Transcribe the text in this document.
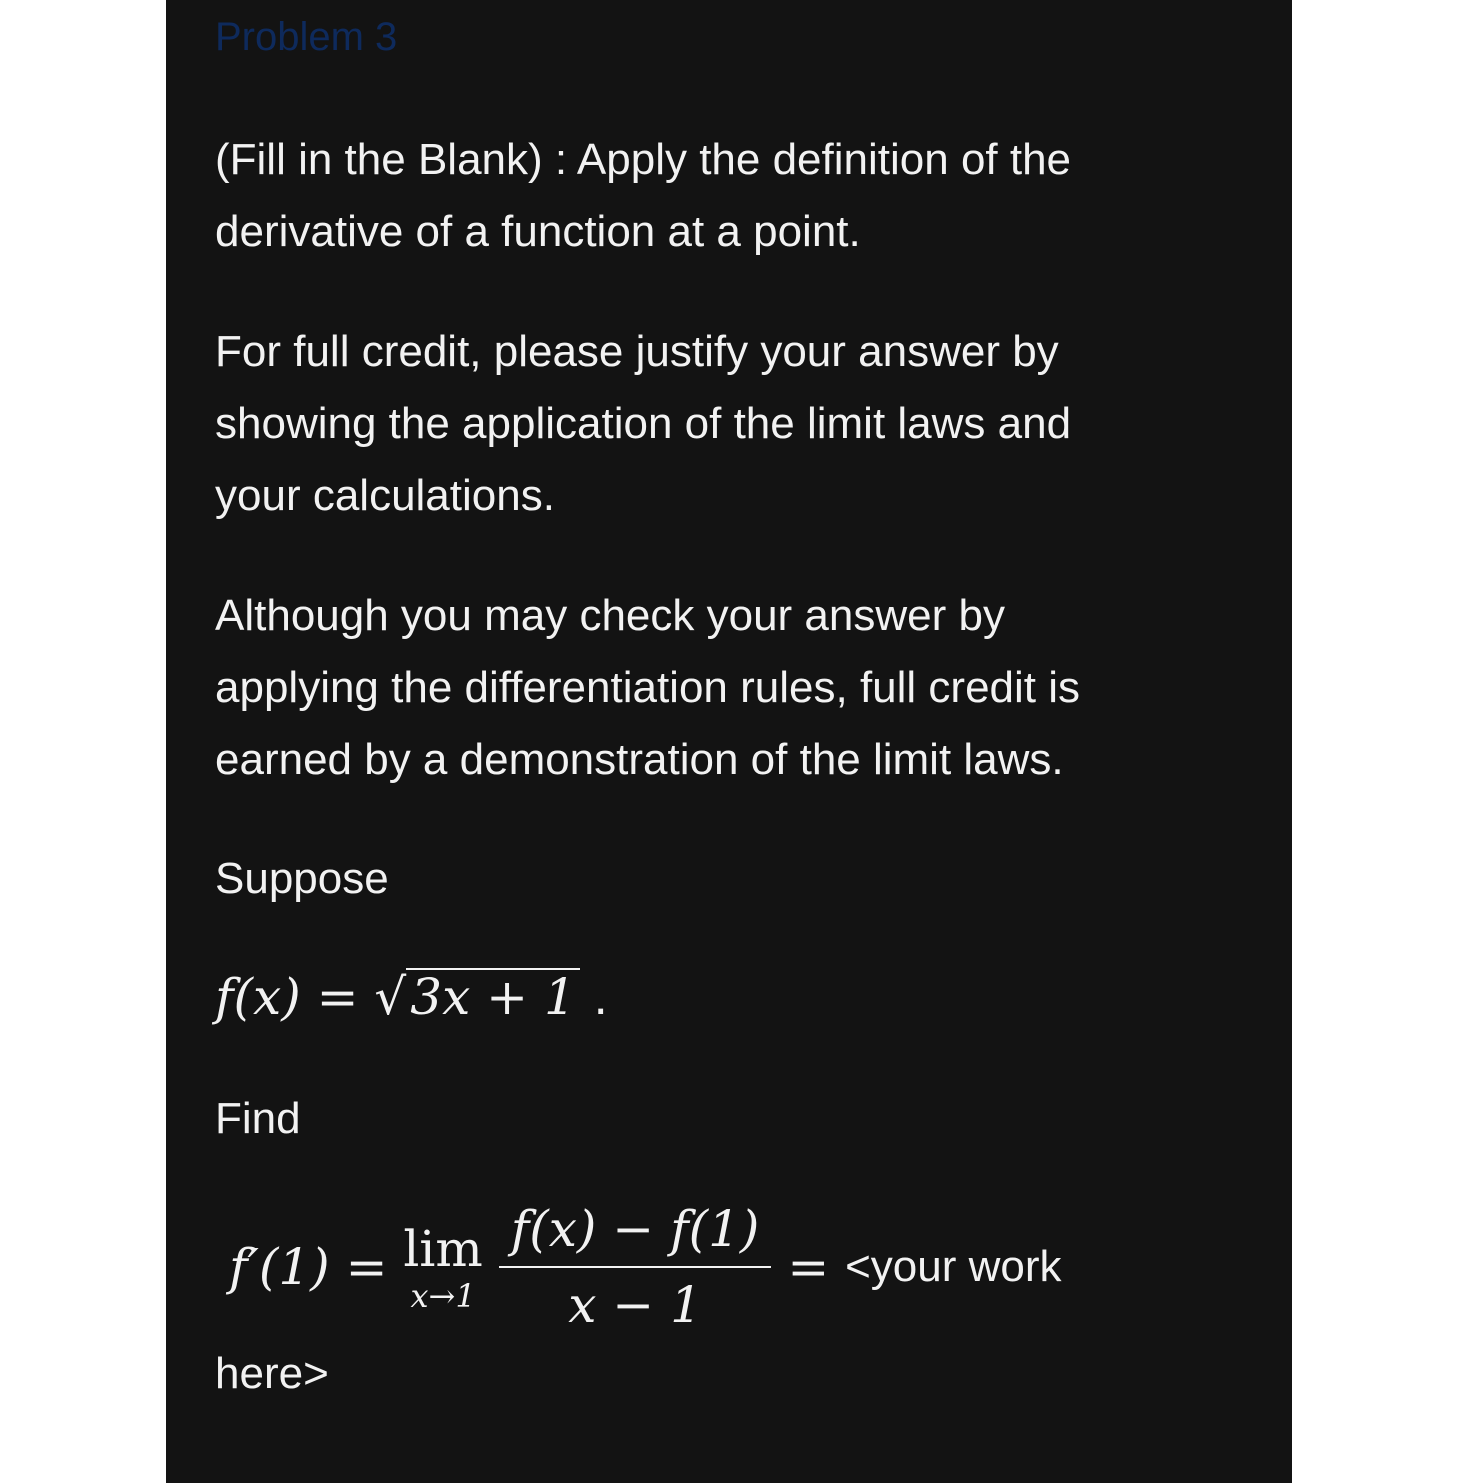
Problem 3
(Fill in the Blank) : Apply the definition of the
derivative of a function at a point.
For full credit, please justify your answer by
showing the application of the limit laws and
your calculations.
Although you may check your answer by
applying the differentiation rules, full credit is
earned by a demonstration of the limit laws.
Suppose
f(x) = √3x + 1 .
Find
f′(1) = lim
x→1
$\frac{f(x) - f(1)}{x - 1}$ = <your work
here>
